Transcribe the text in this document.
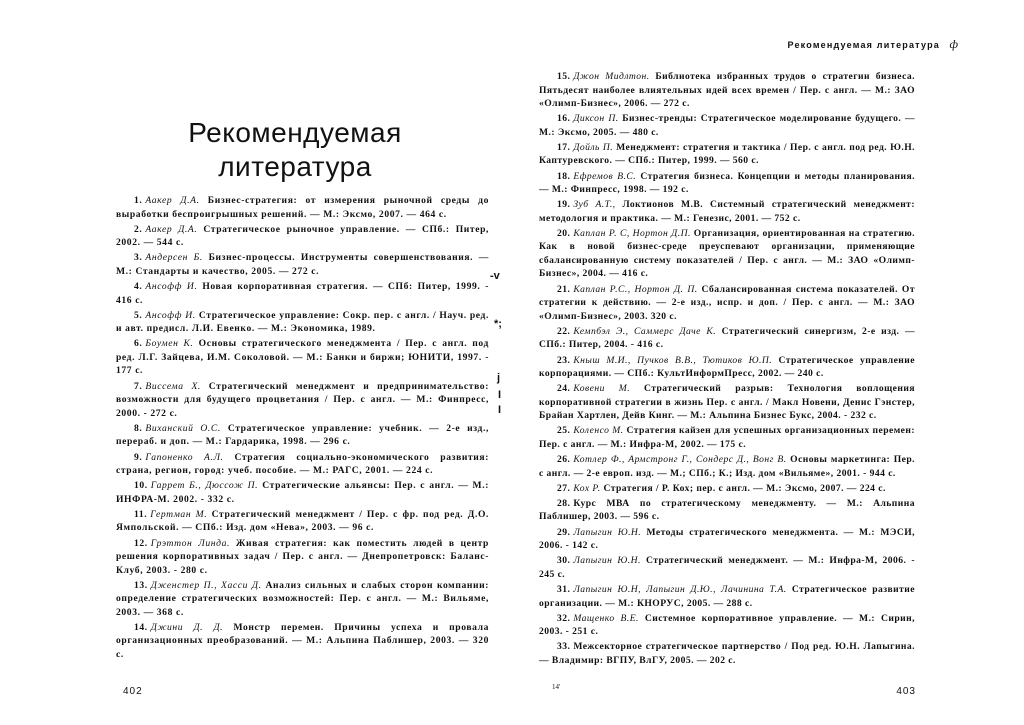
Рекомендуемая
литература
1. Аакер Д.А. Бизнес-стратегия: от измерения рыночной среды до выработки беспроигрышных решений. — М.: Эксмо, 2007. — 464 с.
2. Аакер Д.А. Стратегическое рыночное управление. — СПб.: Питер, 2002. — 544 с.
3. Андерсен Б. Бизнес-процессы. Инструменты совершенствования. — М.: Стандарты и качество, 2005. — 272 с.
4. Ансофф И. Новая корпоративная стратегия. — СПб: Питер, 1999. - 416 с.
5. Ансофф И. Стратегическое управление: Сокр. пер. с англ. / Науч. ред. и авт. предисл. Л.И. Евенко. — М.: Экономика, 1989.
6. Боумен К. Основы стратегического менеджмента / Пер. с англ. под ред. Л.Г. Зайцева, И.М. Соколовой. — М.: Банки и биржи; ЮНИТИ, 1997. - 177 с.
7. Виссема X. Стратегический менеджмент и предпринимательство: возможности для будущего процветания / Пер. с англ. — М.: Финпресс, 2000. - 272 с.
8. Виханский О.С. Стратегическое управление: учебник. — 2-е изд., перераб. и доп. — М.: Гардарика, 1998. — 296 с.
9. Гапоненко А.Л. Стратегия социально-экономического развития: страна, регион, город: учеб. пособие. — М.: РАГС, 2001. — 224 с.
10. Гаррет Б., Дюссож П. Стратегические альянсы: Пер. с англ. — М.: ИНФРА-М. 2002. - 332 с.
11. Гертман М. Стратегический менеджмент / Пер. с фр. под ред. Д.О. Ямпольской. — СПб.: Изд. дом «Нева», 2003. — 96 с.
12. Грэттон Линда. Живая стратегия: как поместить людей в центр решения корпоративных задач / Пер. с англ. — Днепропетровск: Баланс-Клуб, 2003. - 280 с.
13. Дженстер П., Хасси Д. Анализ сильных и слабых сторон компании: определение стратегических возможностей: Пер. с англ. — М.: Вильяме, 2003. — 368 с.
14. Джини Д. Д. Монстр перемен. Причины успеха и провала организационных преобразований. — М.: Альпина Паблишер, 2003. — 320 с.
402
-v
*;
j
I
I
Рекомендуемая литература ф
15. Джон Мидлтон. Библиотека избранных трудов о стратегии бизнеса. Пятьдесят наиболее влиятельных идей всех времен / Пер. с англ. — М.: ЗАО «Олимп-Бизнес», 2006. — 272 с.
16. Диксон П. Бизнес-тренды: Стратегическое моделирование будущего. — М.: Эксмо, 2005. — 480 с.
17. Дойль П. Менеджмент: стратегия и тактика / Пер. с англ. под ред. Ю.Н. Каптуревского. — СПб.: Питер, 1999. — 560 с.
18. Ефремов В.С. Стратегия бизнеса. Концепции и методы планирования. — М.: Финпресс, 1998. — 192 с.
19. Зуб А.Т., Локтионов М.В. Системный стратегический менеджмент: методология и практика. — М.: Генезис, 2001. — 752 с.
20. Каплан Р. С, Нортон Д.П. Организация, ориентированная на стратегию. Как в новой бизнес-среде преуспевают организации, применяющие сбалансированную систему показателей / Пер. с англ. — М.: ЗАО «Олимп-Бизнес», 2004. — 416 с.
21. Каплан Р.С., Нортон Д. П. Сбалансированная система показателей. От стратегии к действию. — 2-е изд., испр. и доп. / Пер. с англ. — М.: ЗАО «Олимп-Бизнес», 2003. 320 с.
22. Кемпбэл Э., Саммерс Даче К. Стратегический синергизм, 2-е изд. — СПб.: Питер, 2004. - 416 с.
23. Кныш М.И., Пучков В.В., Тютиков Ю.П. Стратегическое управление корпорациями. — СПб.: КультИнформПресс, 2002. — 240 с.
24. Ковени М. Стратегический разрыв: Технология воплощения корпоративной стратегии в жизнь Пер. с англ. / Макл Новени, Денис Гэнстер, Брайан Хартлен, Дейв Кинг. — М.: Альпина Бизнес Букс, 2004. - 232 с.
25. Коленсо М. Стратегия кайзен для успешных организационных перемен: Пер. с англ. — М.: Инфра-М, 2002. — 175 с.
26. Котлер Ф., Армстронг Г., Сондерс Д., Вонг В. Основы маркетинга: Пер. с англ. — 2-е европ. изд. — М.; СПб.; К.; Изд. дом «Вильяме», 2001. - 944 с.
27. Кох Р. Стратегия / Р. Кох; пер. с англ. — М.: Эксмо, 2007. — 224 с.
28. Курс МВА по стратегическому менеджменту. — М.: Альпина Паблишер, 2003. — 596 с.
29. Лапыгин Ю.Н. Методы стратегического менеджмента. — М.: МЭСИ, 2006. - 142 с.
30. Лапыгин Ю.Н. Стратегический менеджмент. — М.: Инфра-М, 2006. - 245 с.
31. Лапыгин Ю.Н, Лапыгин Д.Ю., Лачинина Т.А. Стратегическое развитие организации. — М.: КНОРУС, 2005. — 288 с.
32. Мащенко В.Е. Системное корпоративное управление. — М.: Сирин, 2003. - 251 с.
33. Межсекторное стратегическое партнерство / Под ред. Ю.Н. Лапыгина. — Владимир: ВГПУ, ВлГУ, 2005. — 202 с.
14'	403
